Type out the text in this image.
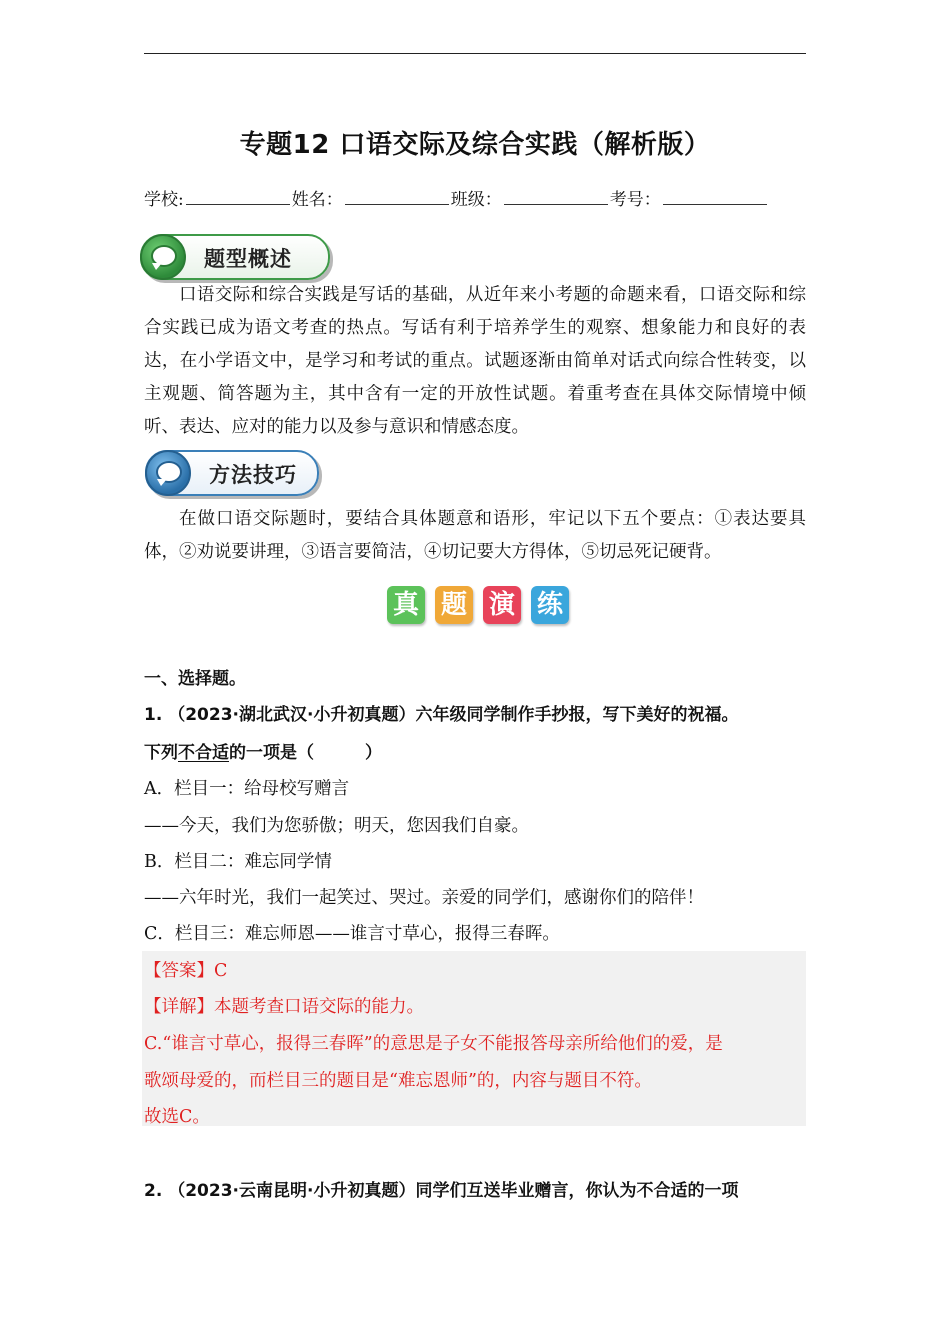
专题12 口语交际及综合实践（解析版）
学校:	姓名：	班级：	考号：
题型概述

口语交际和综合实践是写话的基础，从近年来小考题的命题来看，口语交际和综合实践已成为语文考查的热点。写话有利于培养学生的观察、想象能力和良好的表达，在小学语文中，是学习和考试的重点。试题逐渐由简单对话式向综合性转变，以主观题、简答题为主，其中含有一定的开放性试题。着重考查在具体交际情境中倾听、表达、应对的能力以及参与意识和情感态度。

方法技巧

在做口语交际题时，要结合具体题意和语形，牢记以下五个要点：①表达要具体，②劝说要讲理，③语言要简洁，④切记要大方得体，⑤切忌死记硬背。

真 题 演 练
一、选择题。
1. （2023·湖北武汉·小升初真题）六年级同学制作手抄报，写下美好的祝福。
下列不合适的一项是（　　　）
A．栏目一：给母校写赠言
——今天，我们为您骄傲；明天，您因我们自豪。
B．栏目二：难忘同学情
——六年时光，我们一起笑过、哭过。亲爱的同学们，感谢你们的陪伴！
C．栏目三：难忘师恩——谁言寸草心，报得三春晖。
【答案】C
【详解】本题考查口语交际的能力。
C.“谁言寸草心，报得三春晖”的意思是子女不能报答母亲所给他们的爱，是
歌颂母爱的，而栏目三的题目是“难忘恩师”的，内容与题目不符。
故选C。
2. （2023·云南昆明·小升初真题）同学们互送毕业赠言，你认为不合适的一项
